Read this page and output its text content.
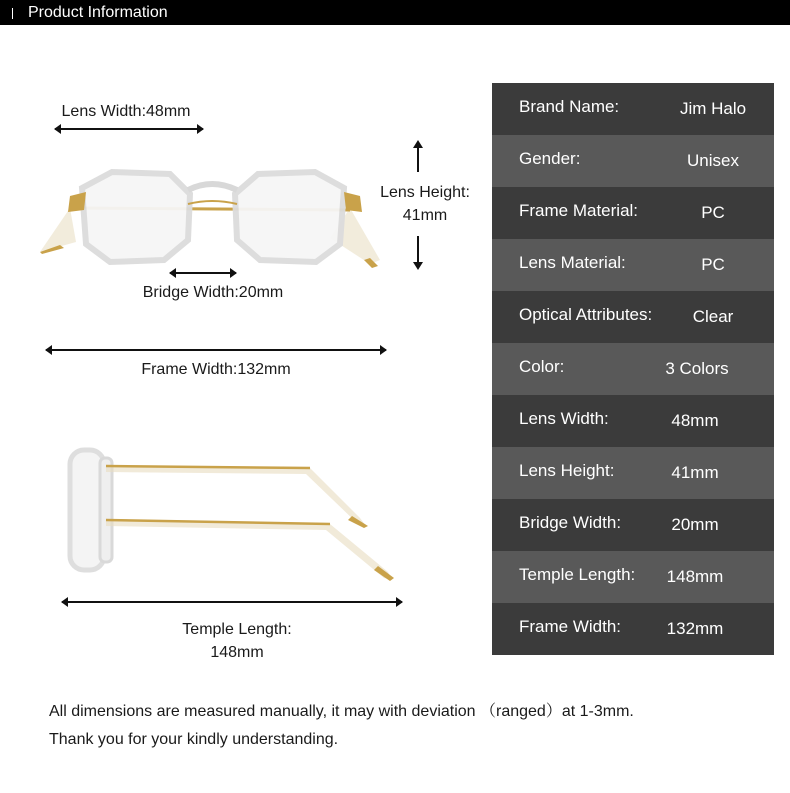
Product Information
Lens Width:48mm
Lens Height:
41mm
Bridge Width:20mm
Frame Width:132mm
Temple Length:
148mm
Brand Name:	Jim Halo
Gender:	Unisex
Frame Material:	PC
Lens Material:	PC
Optical Attributes:	Clear
Color:	3 Colors
Lens Width:	48mm
Lens Height:	41mm
Bridge Width:	20mm
Temple Length:	148mm
Frame Width:	132mm
All dimensions are measured manually, it may with deviation （ranged）at 1-3mm.
Thank you for your kindly understanding.
